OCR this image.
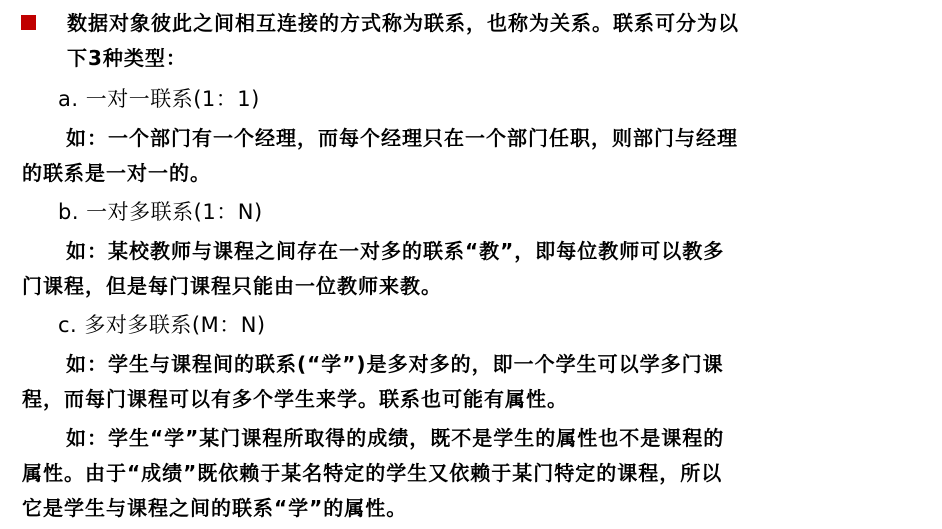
数据对象彼此之间相互连接的方式称为联系，也称为关系。联系可分为以
下3种类型：
a. 一对一联系(1：1)
如：一个部门有一个经理，而每个经理只在一个部门任职，则部门与经理
的联系是一对一的。
b. 一对多联系(1：N)
如：某校教师与课程之间存在一对多的联系“教”，即每位教师可以教多
门课程，但是每门课程只能由一位教师来教。
c. 多对多联系(M：N)
如：学生与课程间的联系(“学”)是多对多的，即一个学生可以学多门课
程，而每门课程可以有多个学生来学。联系也可能有属性。
如：学生“学”某门课程所取得的成绩，既不是学生的属性也不是课程的
属性。由于“成绩”既依赖于某名特定的学生又依赖于某门特定的课程，所以
它是学生与课程之间的联系“学”的属性。
